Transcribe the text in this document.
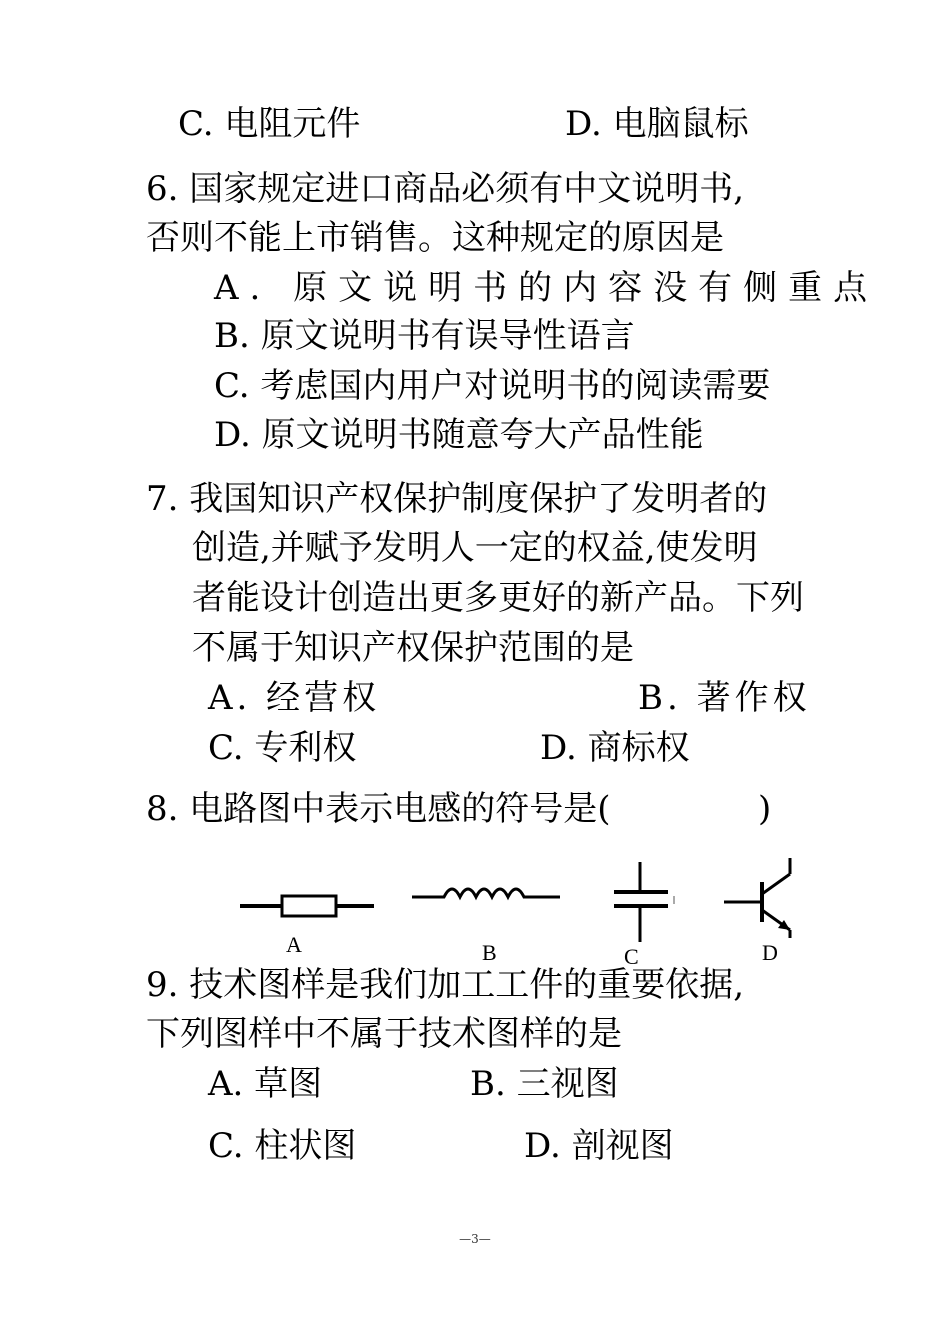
C. 电阻元件	D. 电脑鼠标
6. 国家规定进口商品必须有中文说明书,
否则不能上市销售。这种规定的原因是
A. 原文说明书的内容没有侧重点
B. 原文说明书有误导性语言
C. 考虑国内用户对说明书的阅读需要
D. 原文说明书随意夸大产品性能
7. 我国知识产权保护制度保护了发明者的
创造,并赋予发明人一定的权益,使发明
者能设计创造出更多更好的新产品。下列
不属于知识产权保护范围的是
A. 经营权	B. 著作权
C. 专利权	D. 商标权
8. 电路图中表示电感的符号是(	)
A	B	C	D
9. 技术图样是我们加工工件的重要依据,
下列图样中不属于技术图样的是
A. 草图	B. 三视图
C. 柱状图	D. 剖视图
—3—
